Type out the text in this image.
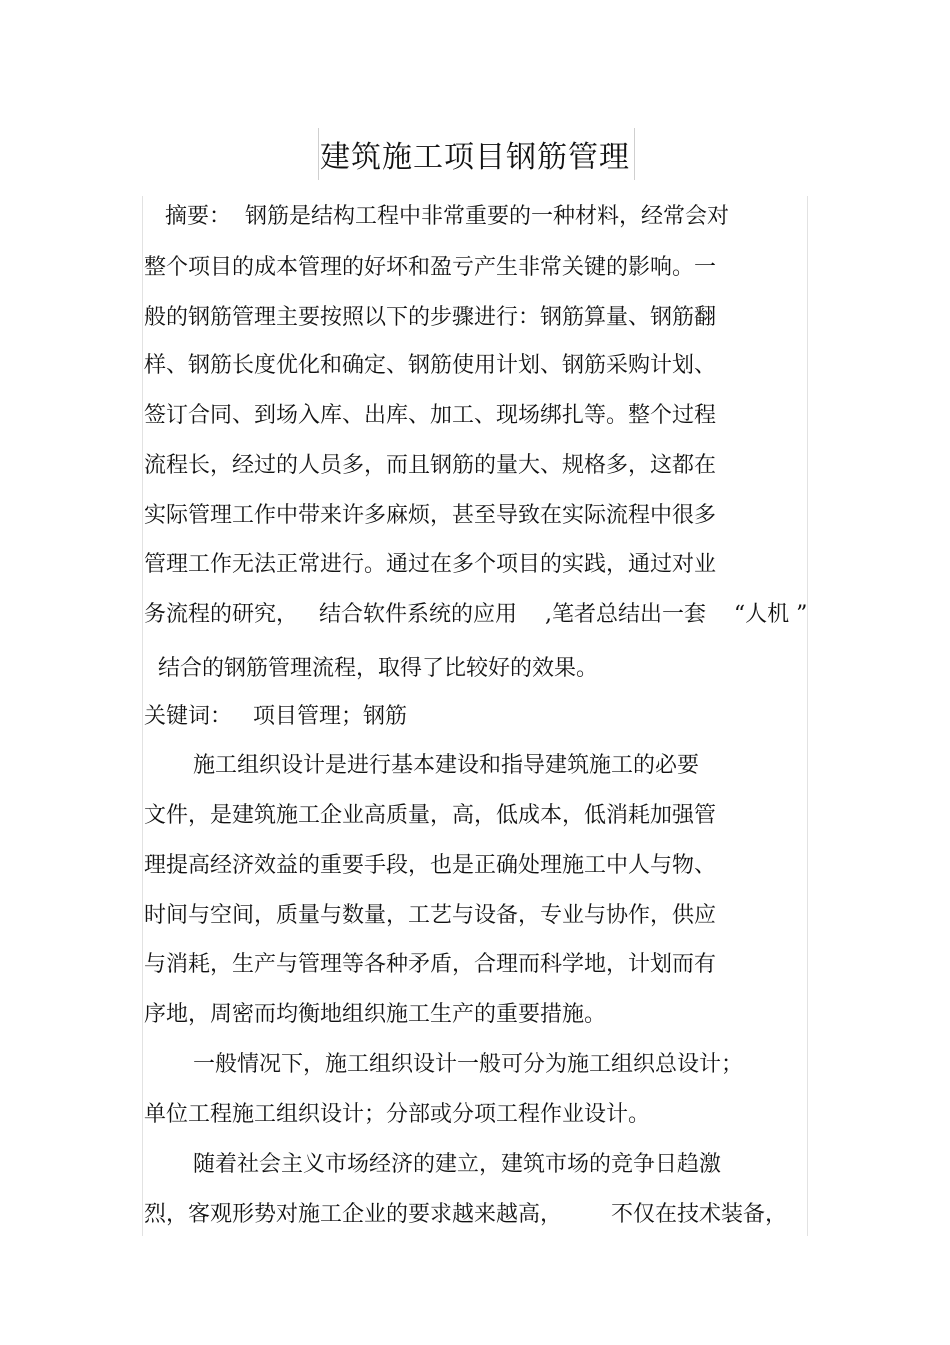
建筑施工项目钢筋管理
摘要：  钢筋是结构工程中非常重要的一种材料，经常会对
整个项目的成本管理的好坏和盈亏产生非常关键的影响。一
般的钢筋管理主要按照以下的步骤进行：钢筋算量、钢筋翻
样、钢筋长度优化和确定、钢筋使用计划、钢筋采购计划、
签订合同、到场入库、出库、加工、现场绑扎等。整个过程
流程长，经过的人员多，而且钢筋的量大、规格多，这都在
实际管理工作中带来许多麻烦，甚至导致在实际流程中很多
管理工作无法正常进行。通过在多个项目的实践，通过对业
务流程的研究，   结合软件系统的应用    ,笔者总结出一套    “人机 ”
结合的钢筋管理流程，取得了比较好的效果。
关键词：   项目管理；钢筋
施工组织设计是进行基本建设和指导建筑施工的必要
文件，是建筑施工企业高质量，高，低成本，低消耗加强管
理提高经济效益的重要手段，也是正确处理施工中人与物、
时间与空间，质量与数量，工艺与设备，专业与协作，供应
与消耗，生产与管理等各种矛盾，合理而科学地，计划而有
序地，周密而均衡地组织施工生产的重要措施。
一般情况下，施工组织设计一般可分为施工组织总设计；
单位工程施工组织设计；分部或分项工程作业设计。
随着社会主义市场经济的建立，建筑市场的竞争日趋激
烈，客观形势对施工企业的要求越来越高，       不仅在技术装备，
